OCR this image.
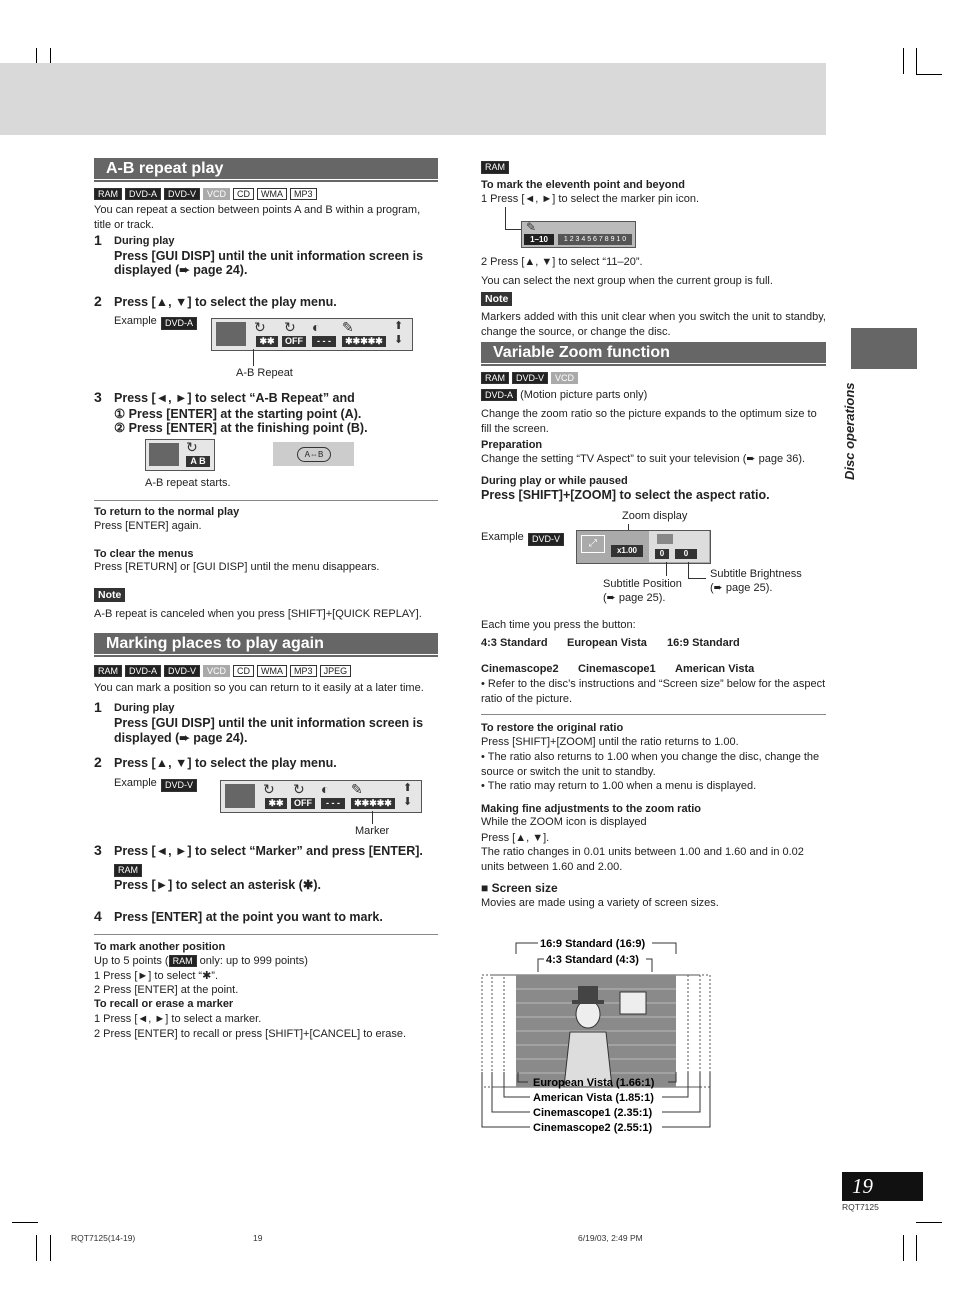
A-B repeat play
RAM	DVD-A	DVD-V	VCD	CD	WMA	MP3
You can repeat a section between points A and B within a program, title or track.
1 During play
Press [GUI DISP] until the unit information screen is
displayed (➨ page 24).
2 Press [▲, ▼] to select the play menu.
Example DVD-A	↻ ↻ ◐ ✎	⬆
✱✱	OFF	- - -	✱✱✱✱✱ ⬇
A-B Repeat
3 Press [◄, ►] to select “A-B Repeat” and
① Press [ENTER] at the starting point (A).
② Press [ENTER] at the finishing point (B).
↻
A B
A⇔B
A-B repeat starts.
To return to the normal play
Press [ENTER] again.
To clear the menus
Press [RETURN] or [GUI DISP] until the menu disappears.
Note
A-B repeat is canceled when you press [SHIFT]+[QUICK REPLAY].
Marking places to play again
RAM	DVD-A	DVD-V	VCD	CD	WMA	MP3	JPEG
You can mark a position so you can return to it easily at a later time.
1 During play
Press [GUI DISP] until the unit information screen is
displayed (➨ page 24).
2 Press [▲, ▼] to select the play menu.
Example DVD-V	↻ ↻ ◐ ✎	⬆
✱✱	OFF	- - -	✱✱✱✱✱ ⬇
Marker
3 Press [◄, ►] to select “Marker” and press [ENTER].
RAM
Press [►] to select an asterisk (✱).
4 Press [ENTER] at the point you want to mark.
To mark another position
Up to 5 points ( RAM only: up to 999 points)
1 Press [►] to select “✱”.
2 Press [ENTER] at the point.
To recall or erase a marker
1 Press [◄, ►] to select a marker.
2 Press [ENTER] to recall or press [SHIFT]+[CANCEL] to erase.
RAM
To mark the eleventh point and beyond
1 Press [◄, ►] to select the marker pin icon.
✎
1–10	1 2 3 4 5 6 7 8 9 1 0
2 Press [▲, ▼] to select “11–20”.
You can select the next group when the current group is full.
Note
Markers added with this unit clear when you switch the unit to standby, change the source, or change the disc.
Variable Zoom function
RAM	DVD-V	VCD
DVD-A (Motion picture parts only)
Change the zoom ratio so the picture expands to the optimum size to fill the screen.
Preparation
Change the setting “TV Aspect” to suit your television (➨ page 36).
During play or while paused
Press [SHIFT]+[ZOOM] to select the aspect ratio.
Zoom display
Example DVD-V	⤢
x1.00	0	0
Subtitle Position
(➨ page 25).
Subtitle Brightness
(➨ page 25).
Each time you press the button:
4:3 Standard European Vista 16:9 Standard
Cinemascope2 Cinemascope1 American Vista
• Refer to the disc’s instructions and “Screen size” below for the aspect ratio of the picture.
To restore the original ratio
Press [SHIFT]+[ZOOM] until the ratio returns to 1.00.
• The ratio also returns to 1.00 when you change the disc, change the source or switch the unit to standby.
• The ratio may return to 1.00 when a menu is displayed.
Making fine adjustments to the zoom ratio
While the ZOOM icon is displayed
Press [▲, ▼].
The ratio changes in 0.01 units between 1.00 and 1.60 and in 0.02 units between 1.60 and 2.00.
■ Screen size
Movies are made using a variety of screen sizes.
16:9 Standard (16:9)
4:3 Standard (4:3)
European Vista (1.66:1)
American Vista (1.85:1)
Cinemascope1 (2.35:1)
Cinemascope2 (2.55:1)
Disc operations
19
RQT7125
RQT7125(14-19)	19	6/19/03, 2:49 PM
